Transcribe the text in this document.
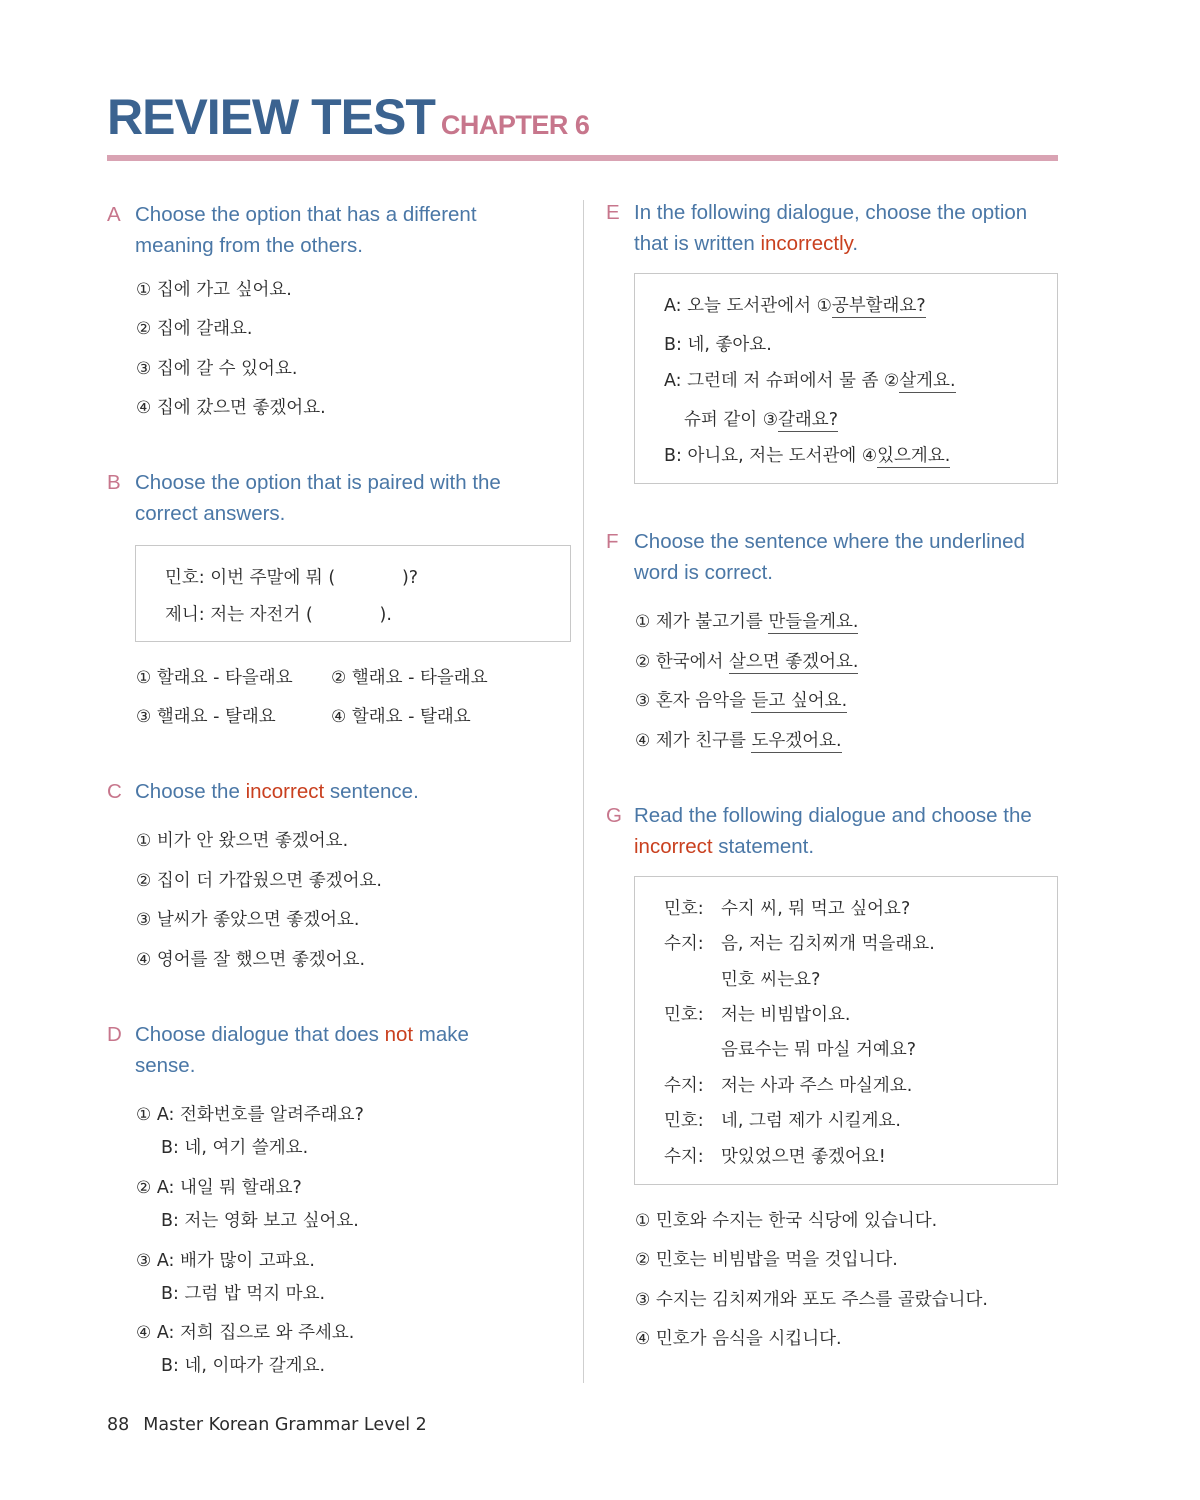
REVIEW TEST CHAPTER 6
A Choose the option that has a different
meaning from the others.
① 집에 가고 싶어요.
② 집에 갈래요.
③ 집에 갈 수 있어요.
④ 집에 갔으면 좋겠어요.
B Choose the option that is paired with the
correct answers.
민호: 이번 주말에 뭐 (            )?
제니: 저는 자전거 (            ).
① 할래요 - 타을래요 ② 핼래요 - 타을래요
③ 핼래요 - 탈래요	④ 할래요 - 탈래요
C Choose the incorrect sentence.
① 비가 안 왔으면 좋겠어요.
② 집이 더 가깝웠으면 좋겠어요.
③ 날씨가 좋았으면 좋겠어요.
④ 영어를 잘 했으면 좋겠어요.
D Choose dialogue that does not make
sense.
① A: 전화번호를 알려주래요?
B: 네, 여기 쓸게요.
② A: 내일 뭐 할래요?
B: 저는 영화 보고 싶어요.
③ A: 배가 많이 고파요.
B: 그럼 밥 먹지 마요.
④ A: 저희 집으로 와 주세요.
B: 네, 이따가 갈게요.
E In the following dialogue, choose the option
that is written incorrectly.
A: 오늘 도서관에서 ①공부할래요?
B: 네, 좋아요.
A: 그런데 저 슈퍼에서 물 좀 ②살게요.
슈퍼 같이 ③갈래요?
B: 아니요, 저는 도서관에 ④있으게요.
F Choose the sentence where the underlined
word is correct.
① 제가 불고기를 만들을게요.
② 한국에서 살으면 좋겠어요.
③ 혼자 음악을 듣고 싶어요.
④ 제가 친구를 도우겠어요.
G Read the following dialogue and choose the
incorrect statement.
민호: 수지 씨, 뭐 먹고 싶어요?
수지: 음, 저는 김치찌개 먹을래요.
민호 씨는요?
민호: 저는 비빔밥이요.
음료수는 뭐 마실 거예요?
수지: 저는 사과 주스 마실게요.
민호: 네, 그럼 제가 시킬게요.
수지: 맛있었으면 좋겠어요!
① 민호와 수지는 한국 식당에 있습니다.
② 민호는 비빔밥을 먹을 것입니다.
③ 수지는 김치찌개와 포도 주스를 골랐습니다.
④ 민호가 음식을 시킵니다.
88 Master Korean Grammar Level 2
